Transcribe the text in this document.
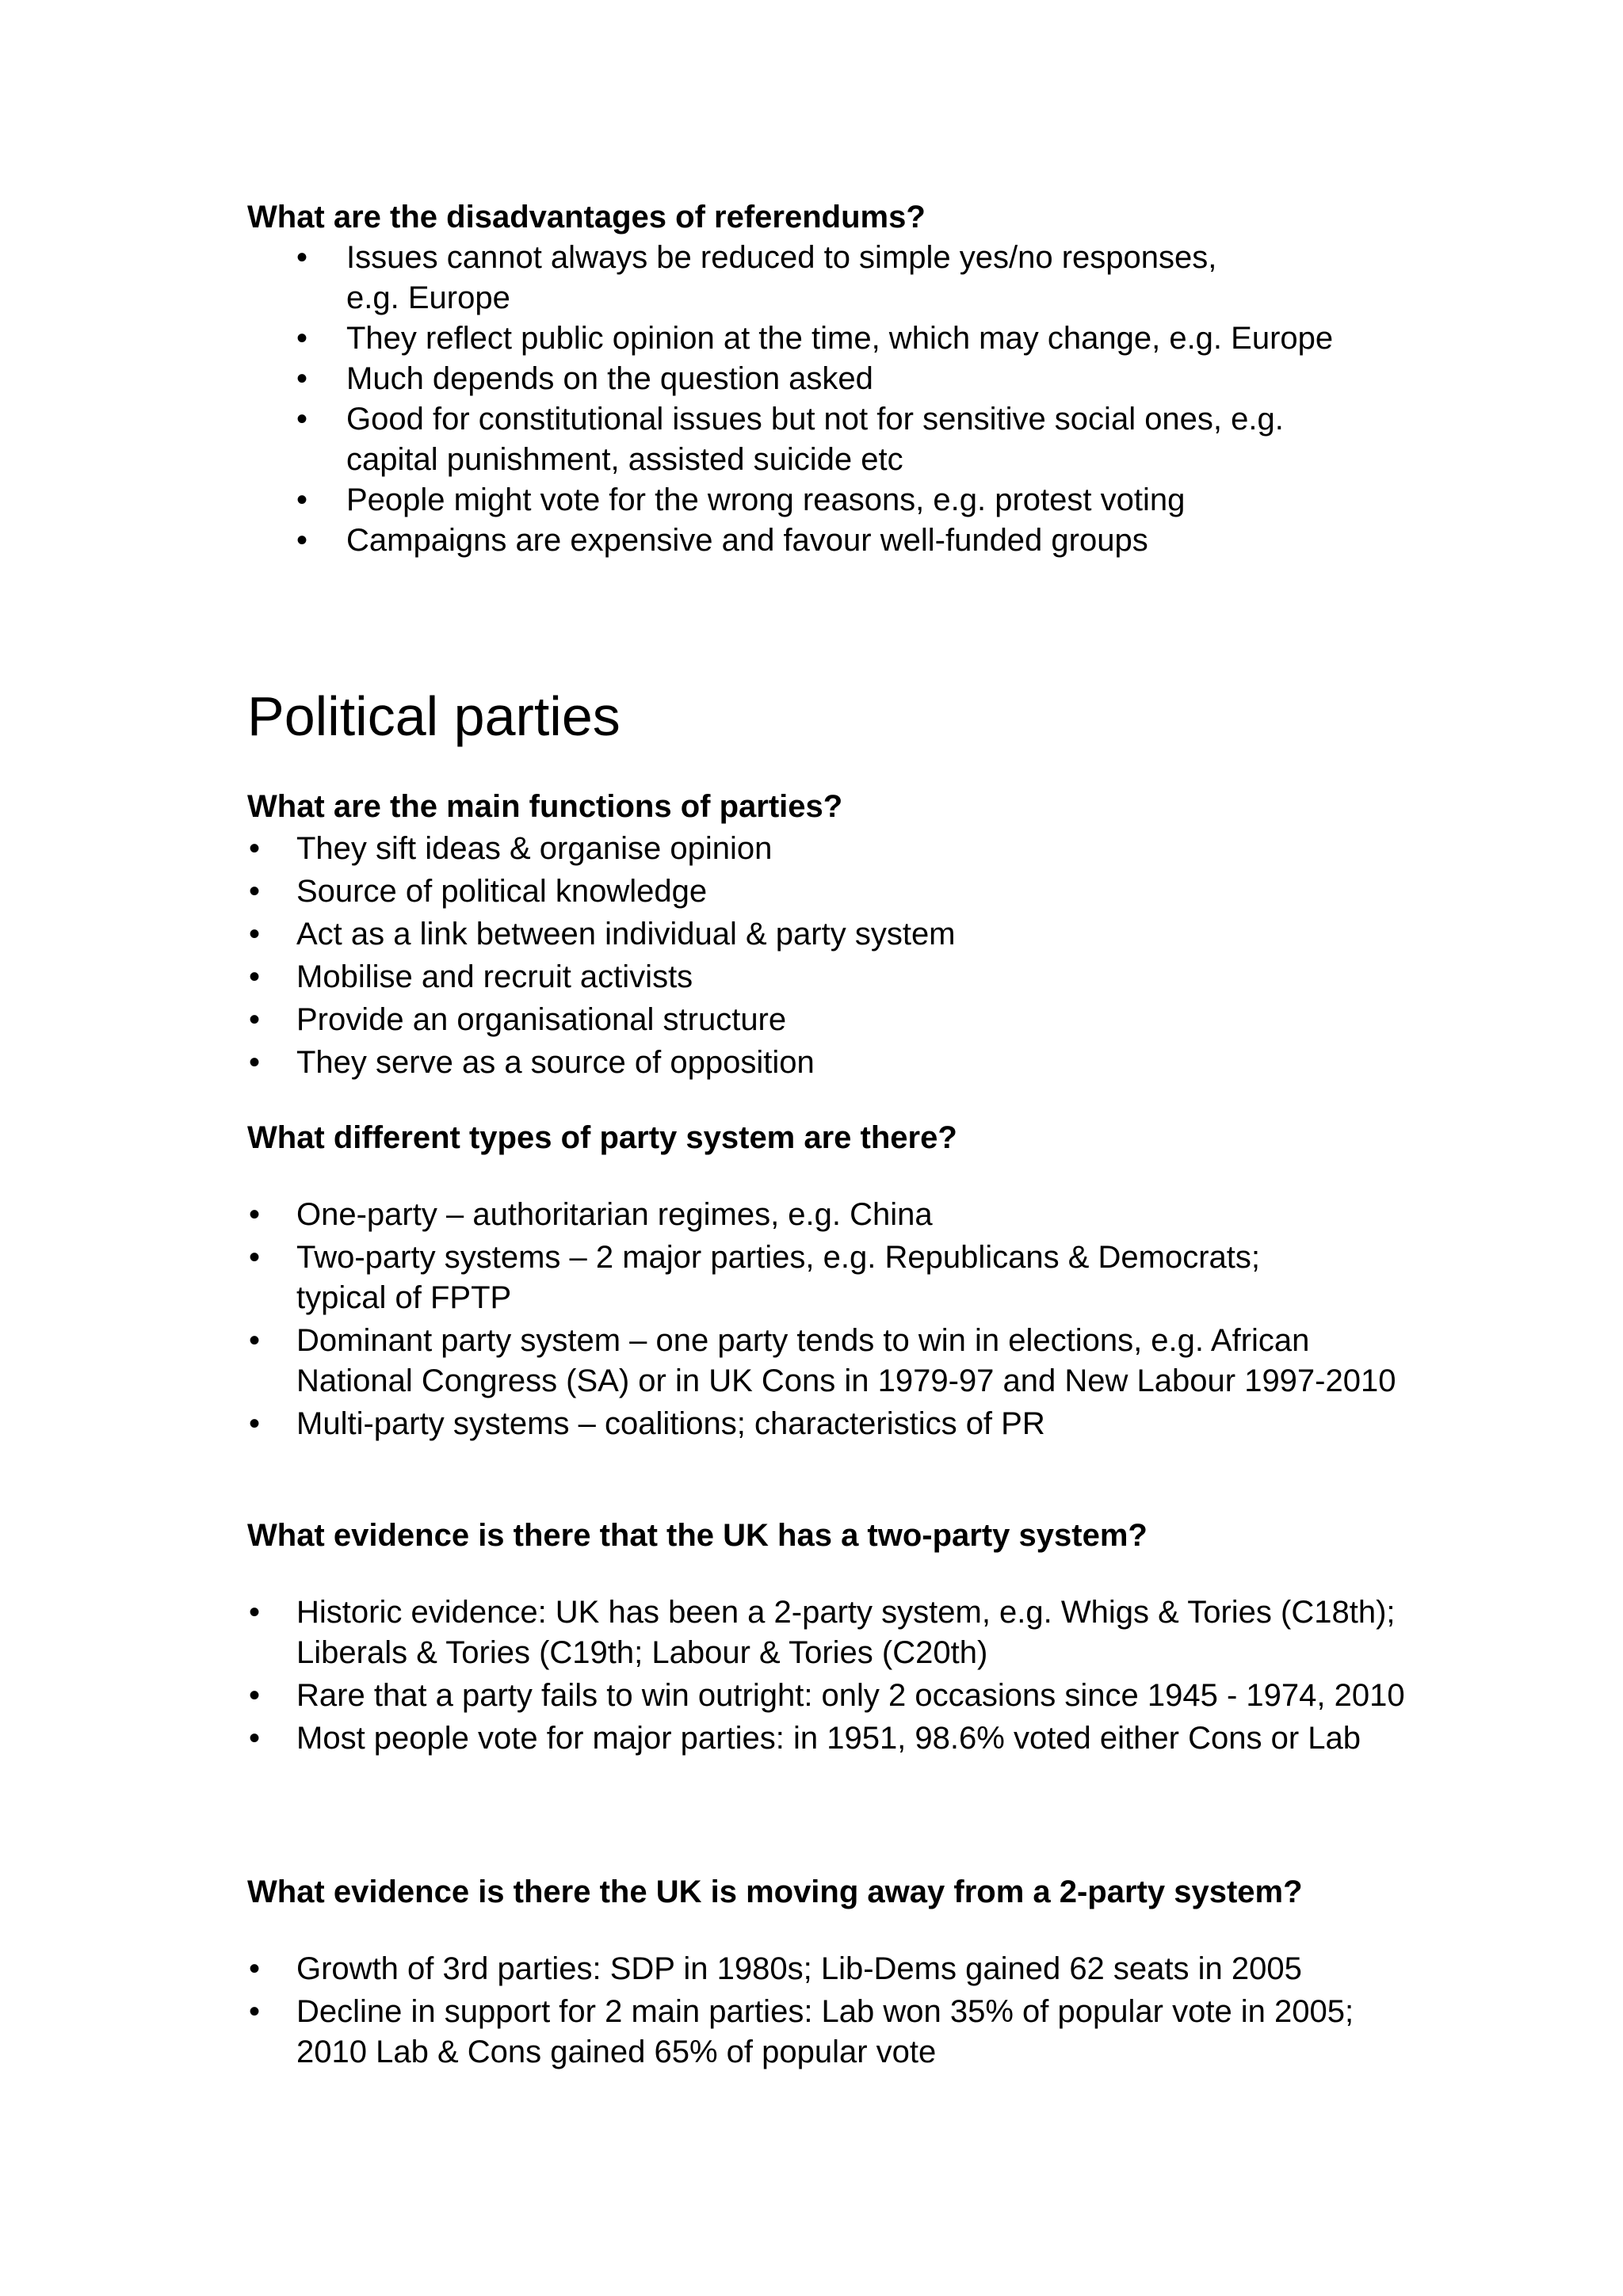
What are the disadvantages of referendums?

• Issues cannot always be reduced to simple yes/no responses, e.g. Europe
• They reflect public opinion at the time, which may change, e.g. Europe
• Much depends on the question asked
• Good for constitutional issues but not for sensitive social ones, e.g. capital punishment, assisted suicide etc
• People might vote for the wrong reasons, e.g. protest voting
• Campaigns are expensive and favour well-funded groups
Political parties

What are the main functions of parties?

• They sift ideas & organise opinion
• Source of political knowledge
• Act as a link between individual & party system
• Mobilise and recruit activists
• Provide an organisational structure
• They serve as a source of opposition

What different types of party system are there?

• One-party – authoritarian regimes, e.g. China
• Two-party systems – 2 major parties, e.g. Republicans & Democrats; typical of FPTP
• Dominant party system – one party tends to win in elections, e.g. African National Congress (SA) or in UK Cons in 1979-97 and New Labour 1997-2010
• Multi-party systems – coalitions; characteristics of PR

What evidence is there that the UK has a two-party system?

• Historic evidence: UK has been a 2-party system, e.g. Whigs & Tories (C18th); Liberals & Tories (C19th; Labour & Tories (C20th)
• Rare that a party fails to win outright: only 2 occasions since 1945 - 1974, 2010
• Most people vote for major parties: in 1951, 98.6% voted either Cons or Lab

What evidence is there the UK is moving away from a 2-party system?

• Growth of 3rd parties: SDP in 1980s; Lib-Dems gained 62 seats in 2005
• Decline in support for 2 main parties: Lab won 35% of popular vote in 2005; 2010 Lab & Cons gained 65% of popular vote
